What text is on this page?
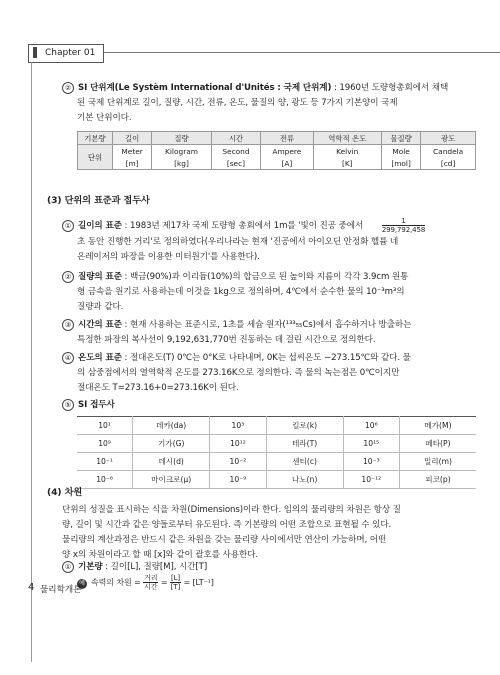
Chapter 01
② SI 단위계(Le Systèm International d'Unités : 국제 단위계) : 1960년 도량형총회에서 채택
된 국제 단위계로 길이, 질량, 시간, 전류, 온도, 물질의 양, 광도 등 7가지 기본양이 국제
기본 단위이다.
기본량	길이	질량	시간	전류	역학적 온도	물질량	광도
단위	Meter	Kilogram	Second	Ampere	Kelvin	Mole	Candela
	[m]	[kg]	[sec]	[A]	[K]	[mol]	[cd]
(3) 단위의 표준과 접두사
① 길이의 표준 : 1983년 제17차 국제 도량형 총회에서 1m를 '빛이 진공 중에서	$\frac{1}{299,792,458}$
초 동안 진행한 거리'로 정의하였다(우리나라는 현재 '진공에서 아이오딘 안정화 헬륨 네
온레이저의 파장을 이용한 미터원기'를 사용한다).
② 질량의 표준 : 백금(90%)과 이리듐(10%)의 합금으로 된 높이와 지름이 각각 3.9cm 원통
형 금속을 원기로 사용하는데 이것을 1kg으로 정의하며, 4℃에서 순수한 물의 10⁻³m³의
질량과 같다.
③ 시간의 표준 : 현재 사용하는 표준시로, 1초를 세슘 원자(¹³³₅₅Cs)에서 흡수하거나 방출하는
특정한 파장의 복사선이 9,192,631,770번 진동하는 데 걸린 시간으로 정의한다.
④ 온도의 표준 : 절대온도(T) 0℃는 0°K로 나타내며, 0K는 섭씨온도 −273.15℃와 같다. 물
의 삼중점에서의 열역학적 온도를 273.16K으로 정의한다. 즉 물의 녹는점은 0℃이지만
절대온도 T=273.16+0=273.16K이 된다.
⑤ SI 접두사
10¹	데카(da)	10³	킬로(k)	10⁶	메가(M)
10⁹	기가(G)	10¹²	테라(T)	10¹⁵	페타(P)
10⁻¹	데시(d)	10⁻²	센티(c)	10⁻³	밀리(m)
10⁻⁶	마이크로(μ)	10⁻⁹	나노(n)	10⁻¹²	피코(p)
(4) 차원
단위의 성질을 표시하는 식을 차원(Dimensions)이라 한다. 임의의 물리량의 차원은 항상 질
량, 길이 및 시간과 같은 양들로부터 유도된다. 즉 기본량의 어떤 조합으로 표현될 수 있다.
물리량의 계산과정은 반드시 같은 차원을 갖는 물리량 사이에서만 연산이 가능하며, 어떤
양 x의 차원이라고 할 때 [x]와 같이 괄호를 사용한다.
① 기본량 : 길이[L], 질량[M], 시간[T]
예 속력의 차원 = $\frac{\text{거리}}{\text{시간}} = \frac{[L]}{[T]} = [LT^{-1}]$
4 물리학개론
